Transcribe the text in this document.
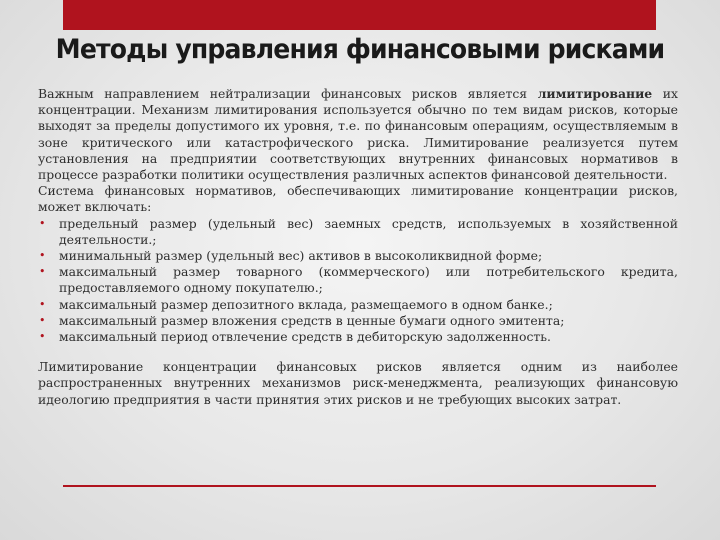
Методы управления финансовыми рисками

Важным направлением нейтрализации финансовых рисков является лимитирование их концентрации. Механизм лимитирования используется обычно по тем видам рисков, которые выходят за пределы допустимого их уровня, т.е. по финансовым операциям, осуществляемым в зоне критического или катастрофического риска. Лимитирование реализуется путем установления на предприятии соответствующих внутренних финансовых нормативов в процессе разработки политики осуществления различных аспектов финансовой деятельности.

Система финансовых нормативов, обеспечивающих лимитирование концентрации рисков, может включать:

• предельный размер (удельный вес) заемных средств, используемых в хозяйственной деятельности.;
• минимальный размер (удельный вес) активов в высоколиквидной форме;
• максимальный размер товарного (коммерческого) или потребительского кредита, предоставляемого одному покупателю.;
• максимальный размер депозитного вклада, размещаемого в одном банке.;
• максимальный размер вложения средств в ценные бумаги одного эмитента;
• максимальный период отвлечение средств в дебиторскую задолженность.

Лимитирование концентрации финансовых рисков является одним из наиболее распространенных внутренних механизмов риск-менеджмента, реализующих финансовую идеологию предприятия в части принятия этих рисков и не требующих высоких затрат.
